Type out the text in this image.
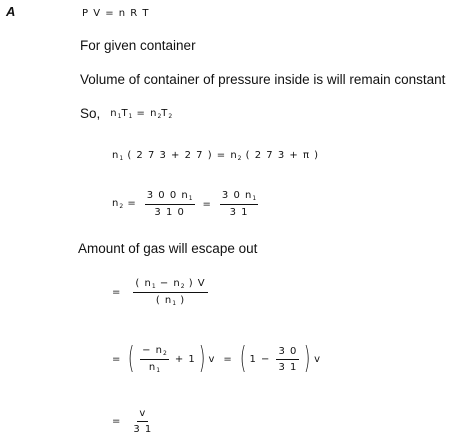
A	P V = n R T
For given container
Volume of container of pressure inside is will remain constant
So, $n_1T_1 = n_2T_2$
$n_1$ ( 2 7 3 + 2 7 ) = $n_2$ ( 2 7 3 + π )
$n_2 = \frac{3 0 0 n_1}{3 1 0} = \frac{3 0 n_1}{3 1}$
Amount of gas will escape out
= $\frac{( n_1 - n_2 ) V}{( n_1 )}$
= ( $\frac{- n_2}{n_1} + 1$ ) v = ( $1 - \frac{3 0}{3 1}$ ) v
= $\frac{v}{3 1}$
